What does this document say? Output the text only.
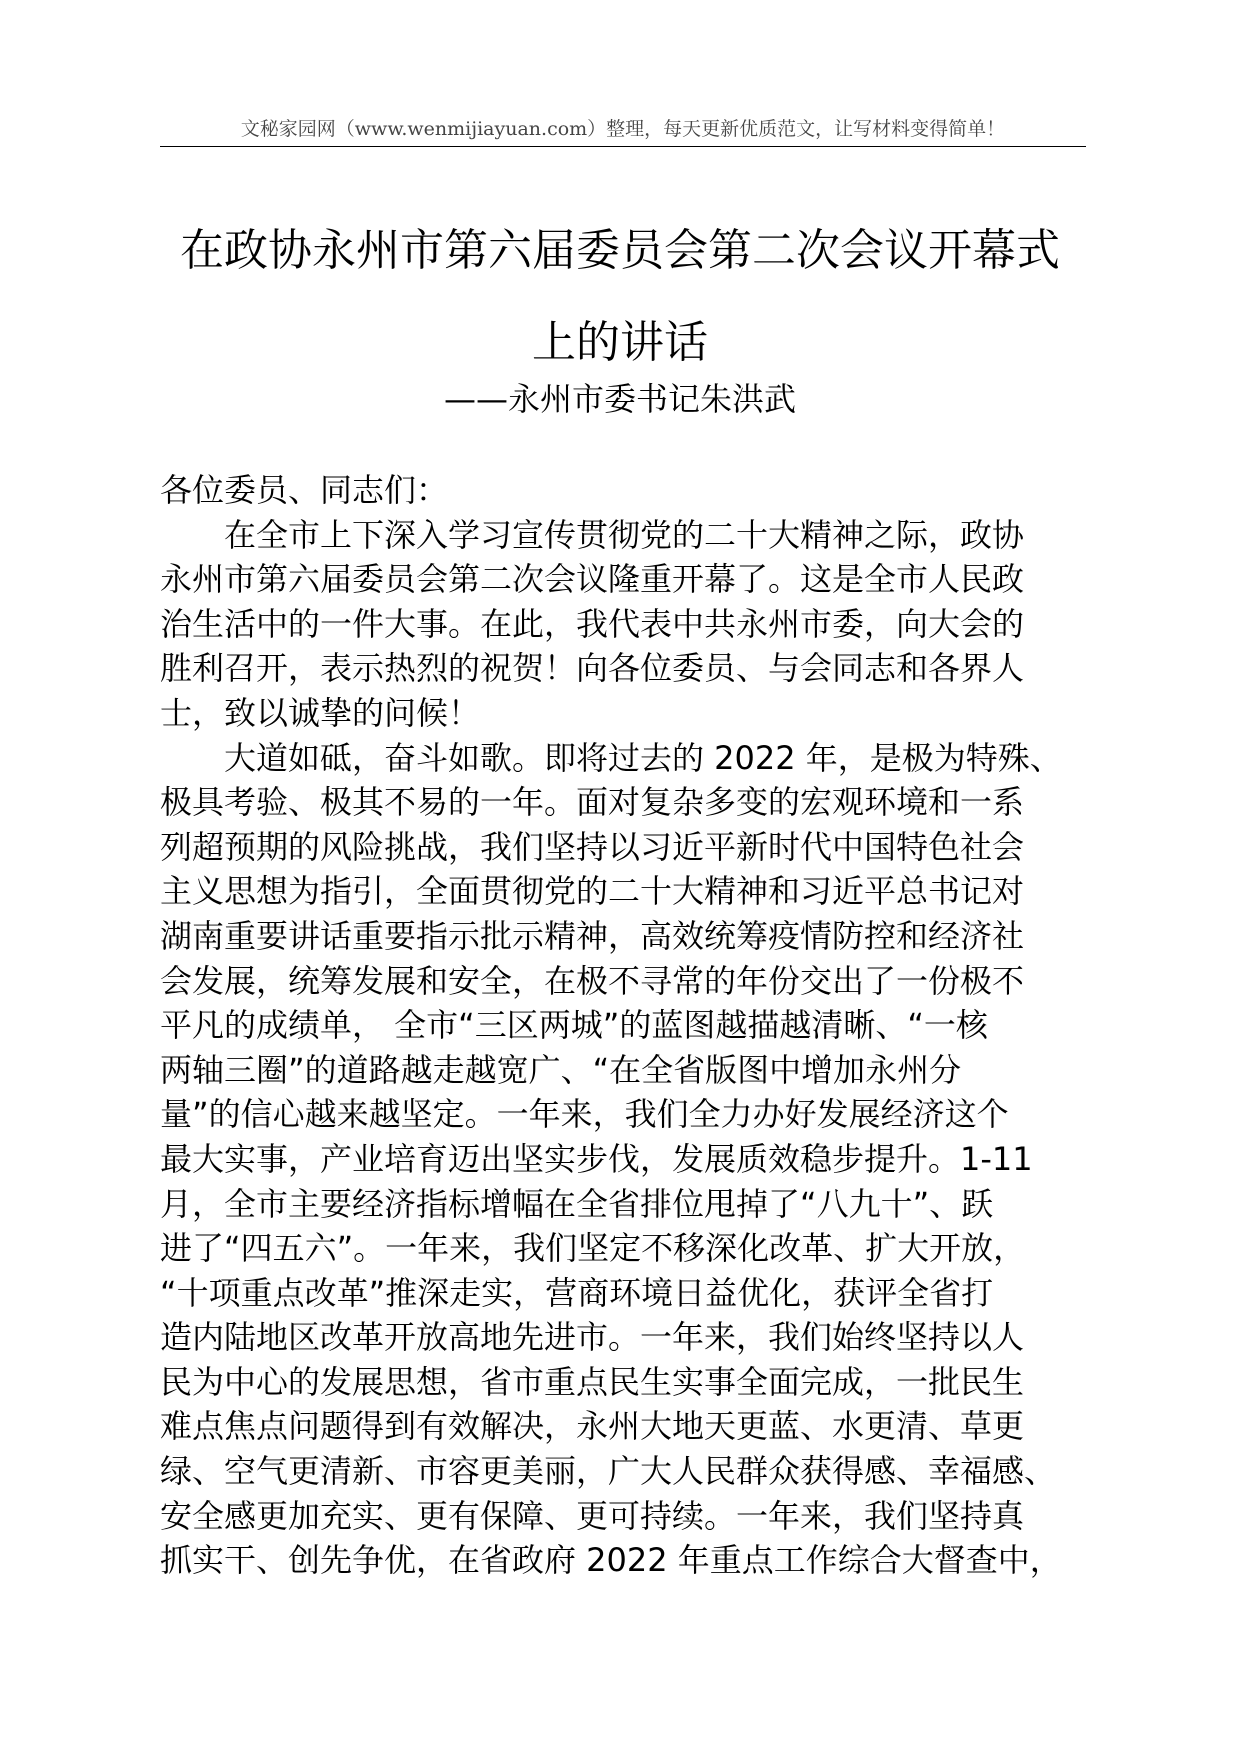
文秘家园网（www.wenmijiayuan.com）整理，每天更新优质范文，让写材料变得简单！
在政协永州市第六届委员会第二次会议开幕式
上的讲话
——永州市委书记朱洪武
各位委员、同志们：
在全市上下深入学习宣传贯彻党的二十大精神之际，政协
永州市第六届委员会第二次会议隆重开幕了。这是全市人民政
治生活中的一件大事。在此，我代表中共永州市委，向大会的
胜利召开，表示热烈的祝贺！向各位委员、与会同志和各界人
士，致以诚挚的问候！
大道如砥，奋斗如歌。即将过去的 2022 年，是极为特殊、
极具考验、极其不易的一年。面对复杂多变的宏观环境和一系
列超预期的风险挑战，我们坚持以习近平新时代中国特色社会
主义思想为指引，全面贯彻党的二十大精神和习近平总书记对
湖南重要讲话重要指示批示精神，高效统筹疫情防控和经济社
会发展，统筹发展和安全，在极不寻常的年份交出了一份极不
平凡的成绩单， 全市“三区两城”的蓝图越描越清晰、“一核
两轴三圈”的道路越走越宽广、“在全省版图中增加永州分
量”的信心越来越坚定。一年来，我们全力办好发展经济这个
最大实事，产业培育迈出坚实步伐，发展质效稳步提升。1-11
月，全市主要经济指标增幅在全省排位甩掉了“八九十”、跃
进了“四五六”。一年来，我们坚定不移深化改革、扩大开放，
“十项重点改革”推深走实，营商环境日益优化，获评全省打
造内陆地区改革开放高地先进市。一年来，我们始终坚持以人
民为中心的发展思想，省市重点民生实事全面完成，一批民生
难点焦点问题得到有效解决，永州大地天更蓝、水更清、草更
绿、空气更清新、市容更美丽，广大人民群众获得感、幸福感、
安全感更加充实、更有保障、更可持续。一年来，我们坚持真
抓实干、创先争优，在省政府 2022 年重点工作综合大督查中，
